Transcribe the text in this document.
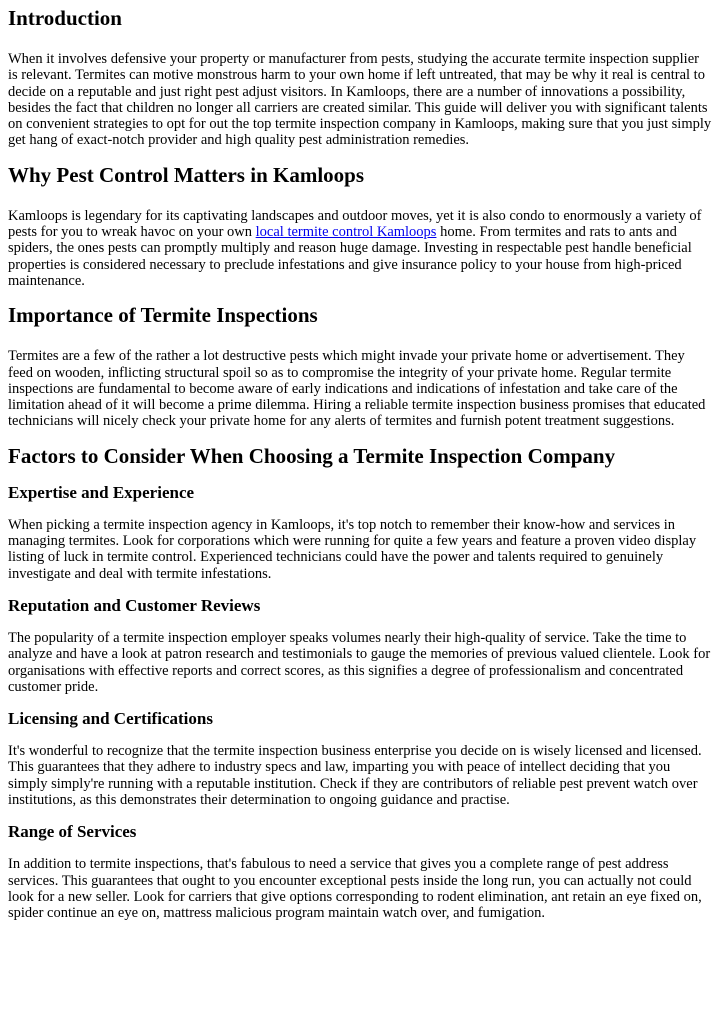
Introduction

When it involves defensive your property or manufacturer from pests, studying the accurate termite inspection supplier is relevant. Termites can motive monstrous harm to your own home if left untreated, that may be why it real is central to decide on a reputable and just right pest adjust visitors. In Kamloops, there are a number of innovations a possibility, besides the fact that children no longer all carriers are created similar. This guide will deliver you with significant talents on convenient strategies to opt for out the top termite inspection company in Kamloops, making sure that you just simply get hang of exact-notch provider and high quality pest administration remedies.

Why Pest Control Matters in Kamloops

Kamloops is legendary for its captivating landscapes and outdoor moves, yet it is also condo to enormously a variety of pests for you to wreak havoc on your own local termite control Kamloops home. From termites and rats to ants and spiders, the ones pests can promptly multiply and reason huge damage. Investing in respectable pest handle beneficial properties is considered necessary to preclude infestations and give insurance policy to your house from high-priced maintenance.

Importance of Termite Inspections

Termites are a few of the rather a lot destructive pests which might invade your private home or advertisement. They feed on wooden, inflicting structural spoil so as to compromise the integrity of your private home. Regular termite inspections are fundamental to become aware of early indications and indications of infestation and take care of the limitation ahead of it will become a prime dilemma. Hiring a reliable termite inspection business promises that educated technicians will nicely check your private home for any alerts of termites and furnish potent treatment suggestions.

Factors to Consider When Choosing a Termite Inspection Company
Expertise and Experience

When picking a termite inspection agency in Kamloops, it's top notch to remember their know-how and services in managing termites. Look for corporations which were running for quite a few years and feature a proven video display listing of luck in termite control. Experienced technicians could have the power and talents required to genuinely investigate and deal with termite infestations.

Reputation and Customer Reviews

The popularity of a termite inspection employer speaks volumes nearly their high-quality of service. Take the time to analyze and have a look at patron research and testimonials to gauge the memories of previous valued clientele. Look for organisations with effective reports and correct scores, as this signifies a degree of professionalism and concentrated customer pride.

Licensing and Certifications

It's wonderful to recognize that the termite inspection business enterprise you decide on is wisely licensed and licensed. This guarantees that they adhere to industry specs and law, imparting you with peace of intellect deciding that you simply simply're running with a reputable institution. Check if they are contributors of reliable pest prevent watch over institutions, as this demonstrates their determination to ongoing guidance and practise.

Range of Services

In addition to termite inspections, that's fabulous to need a service that gives you a complete range of pest address services. This guarantees that ought to you encounter exceptional pests inside the long run, you can actually not could look for a new seller. Look for carriers that give options corresponding to rodent elimination, ant retain an eye fixed on, spider continue an eye on, mattress malicious program maintain watch over, and fumigation.
